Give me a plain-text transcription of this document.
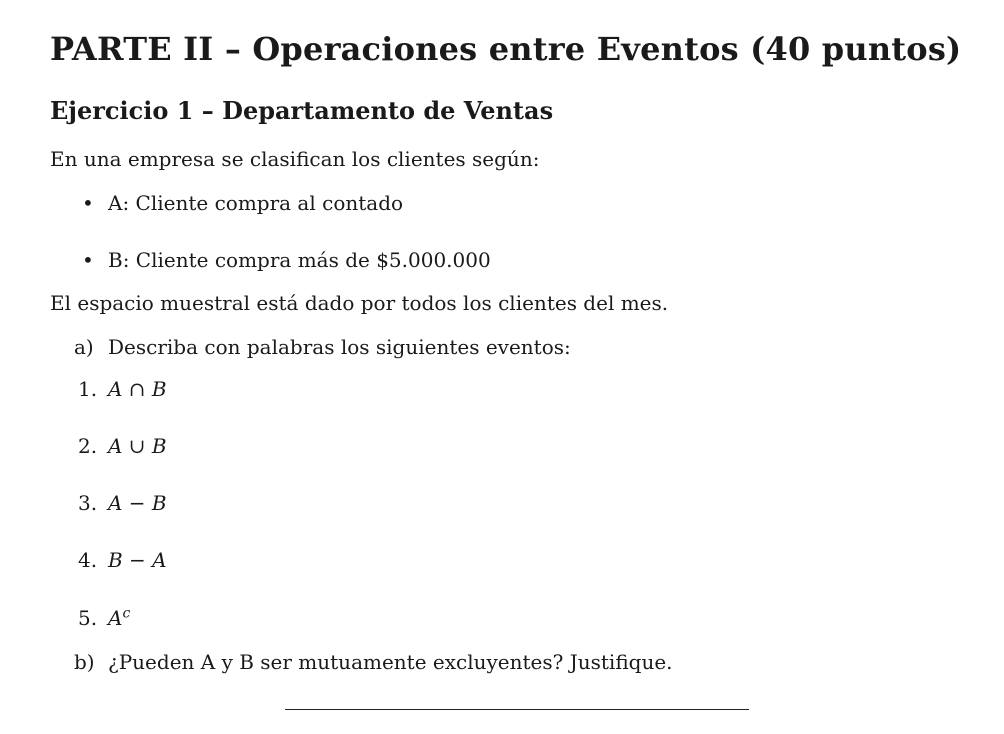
PARTE II – Operaciones entre Eventos (40 puntos)
Ejercicio 1 – Departamento de Ventas
En una empresa se clasifican los clientes según:
• A: Cliente compra al contado
• B: Cliente compra más de $5.000.000
El espacio muestral está dado por todos los clientes del mes.
a) Describa con palabras los siguientes eventos:
1. A ∩ B
2. A ∪ B
3. A − B
4. B − A
5. $A^c$
b) ¿Pueden A y B ser mutuamente excluyentes? Justifique.
